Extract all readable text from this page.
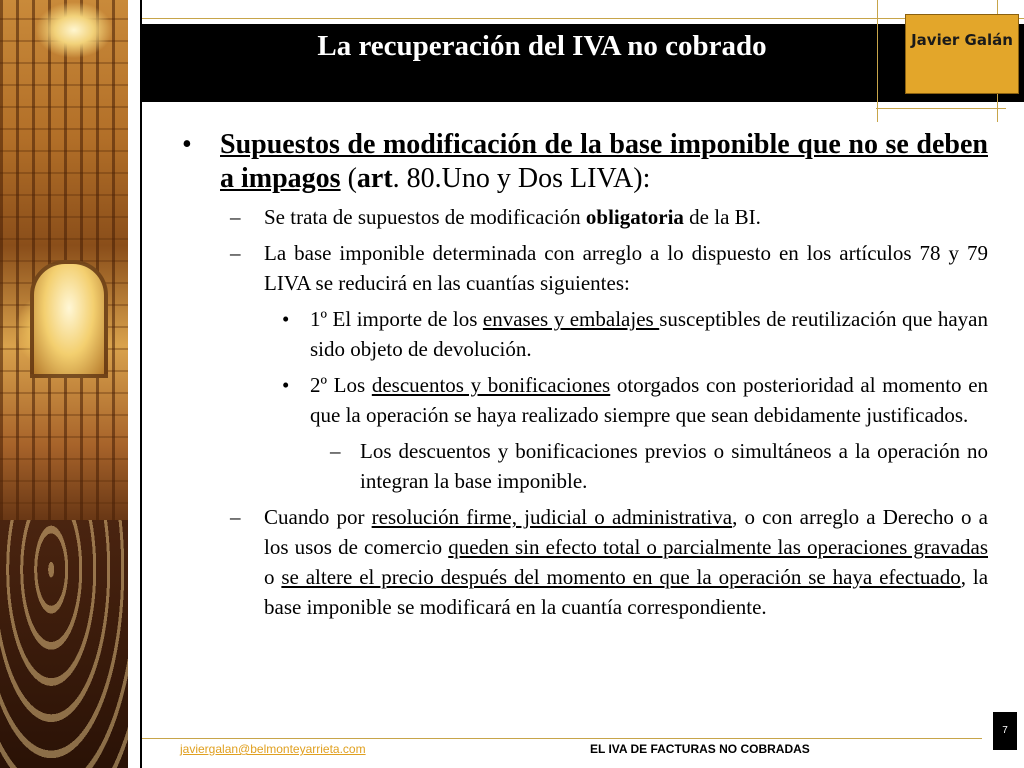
La recuperación del IVA no cobrado	Javier Galán

• Supuestos de modificación de la base imponible que no se deben a impagos (art. 80.Uno y Dos LIVA):

– Se trata de supuestos de modificación obligatoria de la BI.

– La base imponible determinada con arreglo a lo dispuesto en los artículos 78 y 79 LIVA se reducirá en las cuantías siguientes:

• 1º El importe de los envases y embalajes susceptibles de reutilización que hayan sido objeto de devolución.

• 2º Los descuentos y bonificaciones otorgados con posterioridad al momento en que la operación se haya realizado siempre que sean debidamente justificados.

– Los descuentos y bonificaciones previos o simultáneos a la operación no integran la base imponible.

– Cuando por resolución firme, judicial o administrativa, o con arreglo a Derecho o a los usos de comercio queden sin efecto total o parcialmente las operaciones gravadas o se altere el precio después del momento en que la operación se haya efectuado, la base imponible se modificará en la cuantía correspondiente.

javiergalan@belmonteyarrieta.com	EL IVA DE FACTURAS NO COBRADAS
7
